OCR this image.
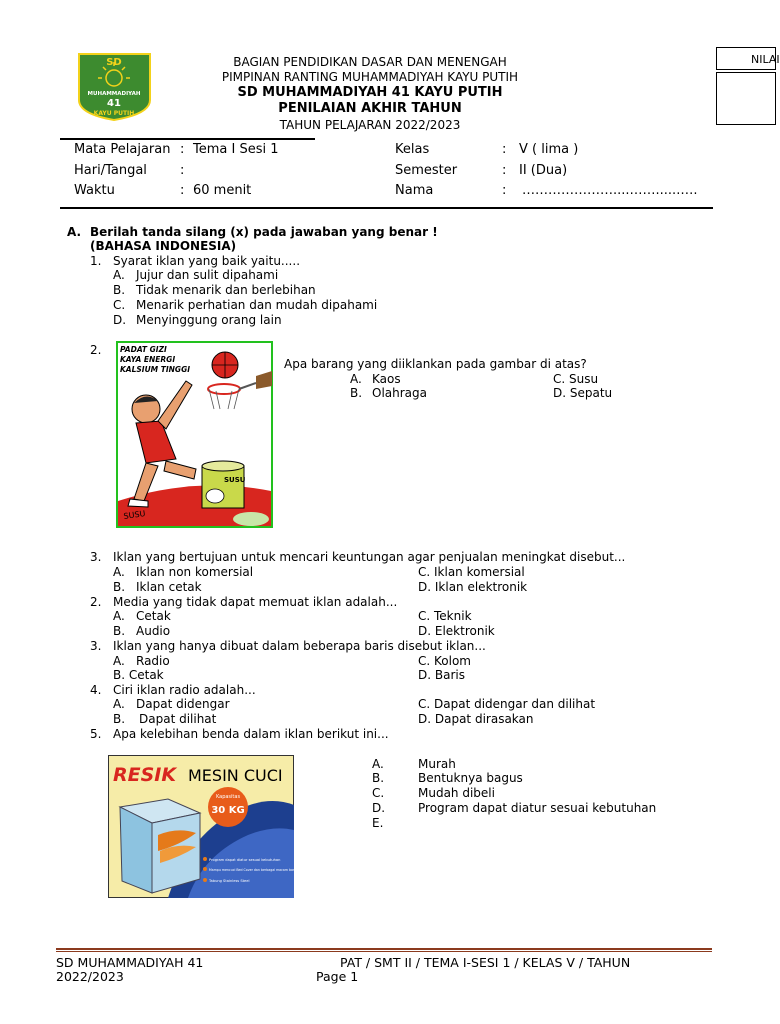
SD
MUHAMMADIYAH
41
KAYU PUTIH
BAGIAN PENDIDIKAN DASAR DAN MENENGAH
PIMPINAN RANTING MUHAMMADIYAH KAYU PUTIH
SD MUHAMMADIYAH 41 KAYU PUTIH
PENILAIAN AKHIR TAHUN
TAHUN PELAJARAN 2022/2023
NILAI
Mata Pelajaran : Tema I Sesi 1
Hari/Tangal	:
Waktu	: 60 menit
Kelas	: V ( lima )
Semester	: II (Dua)
Nama	: …………………....……......….
A. Berilah tanda silang (x) pada jawaban yang benar !
(BAHASA INDONESIA)
1. Syarat iklan yang baik yaitu.....
A. Jujur dan sulit dipahami
B. Tidak menarik dan berlebihan
C. Menarik perhatian dan mudah dipahami
D. Menyinggung orang lain
2.
SUSU
SUSU
PADAT GIZI
KAYA ENERGI
KALSIUM TINGGI	Apa barang yang diiklankan pada gambar di atas?
A. Kaos	C. Susu
B. Olahraga	D. Sepatu
3. Iklan yang bertujuan untuk mencari keuntungan agar penjualan meningkat disebut...
A. Iklan non komersial	C. Iklan komersial
B. Iklan cetak	D. Iklan elektronik
2. Media yang tidak dapat memuat iklan adalah...
A. Cetak	C. Teknik
B. Audio	D. Elektronik
3. Iklan yang hanya dibuat dalam beberapa baris disebut iklan...
A. Radio	C. Kolom
B. Cetak	D. Baris
4. Ciri iklan radio adalah...
A. Dapat didengar	C. Dapat didengar dan dilihat
B. Dapat dilihat	D. Dapat dirasakan
5. Apa kelebihan benda dalam iklan berikut ini...
RESIK MESIN CUCI
Kapasitas
30 KG
Program dapat diatur sesuai kebutuhan
Mampu mencuci Bed Cover dan berbagai macam barang
Tabung Stainless Steel
A.	Murah
B.	Bentuknya bagus
C.	Mudah dibeli
D.	Program dapat diatur sesuai kebutuhan
E.
SD MUHAMMADIYAH 41
2022/2023
PAT / SMT II / TEMA I-SESI 1 / KELAS V / TAHUN
Page 1
